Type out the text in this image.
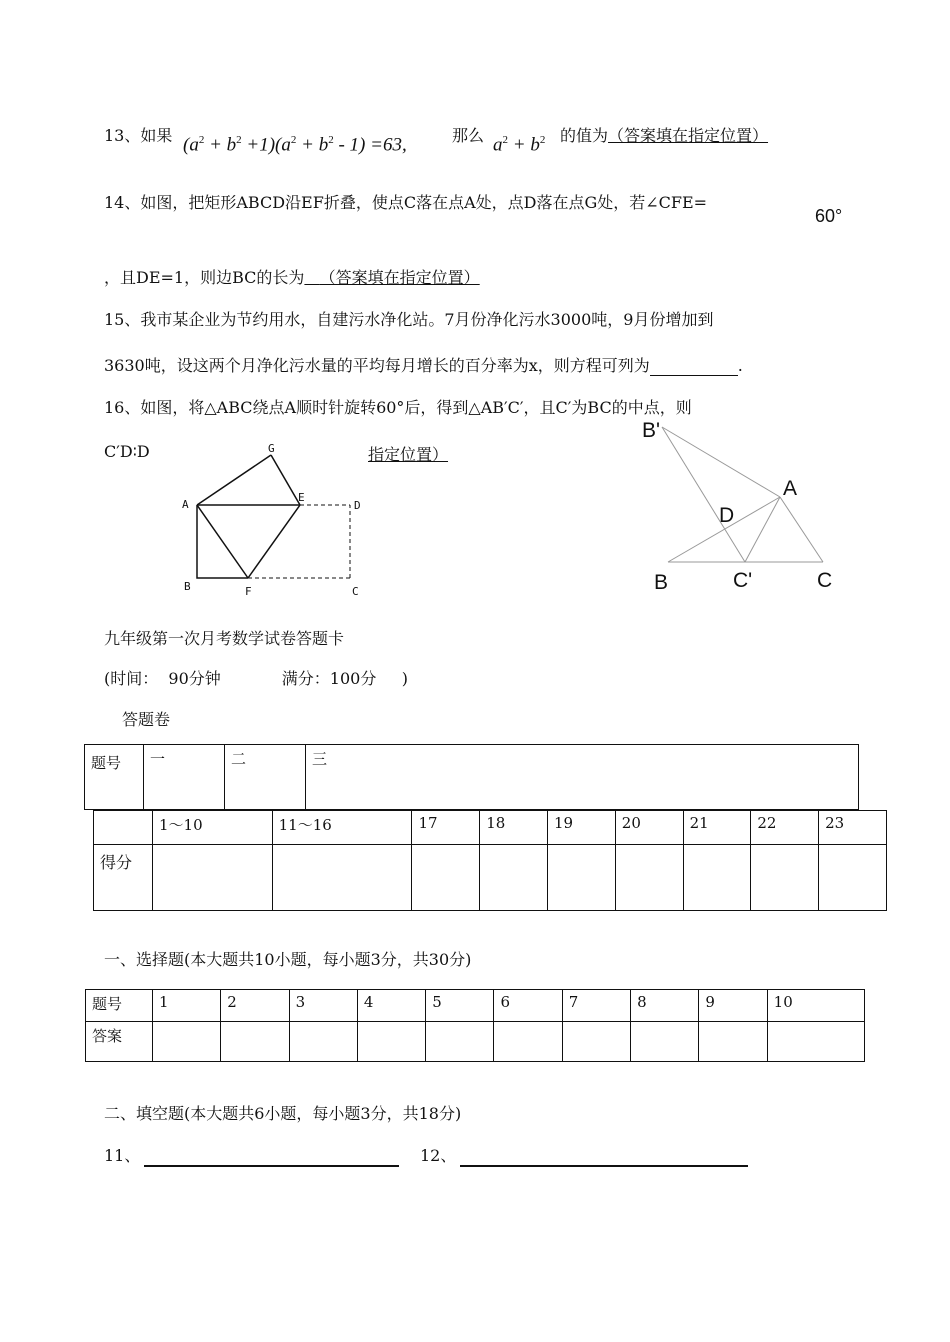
13、如果 $(a^2 + b^2 +1)(a^2 + b^2 - 1) =63$,	那么 $a^2 + b^2$ 的值为（答案填在指定位置）
14、如图，把矩形ABCD沿EF折叠，使点C落在点A处，点D落在点G处，若∠CFE=
60°
，且DE=1，则边BC的长为 （答案填在指定位置）
15、我市某企业为节约用水，自建污水净化站。7月份净化污水3000吨，9月份增加到
3630吨，设这两个月净化污水量的平均每月增长的百分率为x，则方程可列为	.
16、如图，将△ABC绕点A顺时针旋转60°后，得到△AB′C′，且C′为BC的中点，则
C′D∶D	指定位置）
G
A
E
D
B	F	C
B'
A
D
B	C'	C
九年级第一次月考数学试卷答题卡
(时间：  90分钟            满分：100分     )
答题卷
题号	一	二	三
	1～10	11～16	17	18	19	20	21	22	23
得分									
一、选择题(本大题共10小题，每小题3分，共30分)
题号	1	2	3	4	5	6	7	8	9	10
答案										
二、填空题(本大题共6小题，每小题3分，共18分)
11、	12、
